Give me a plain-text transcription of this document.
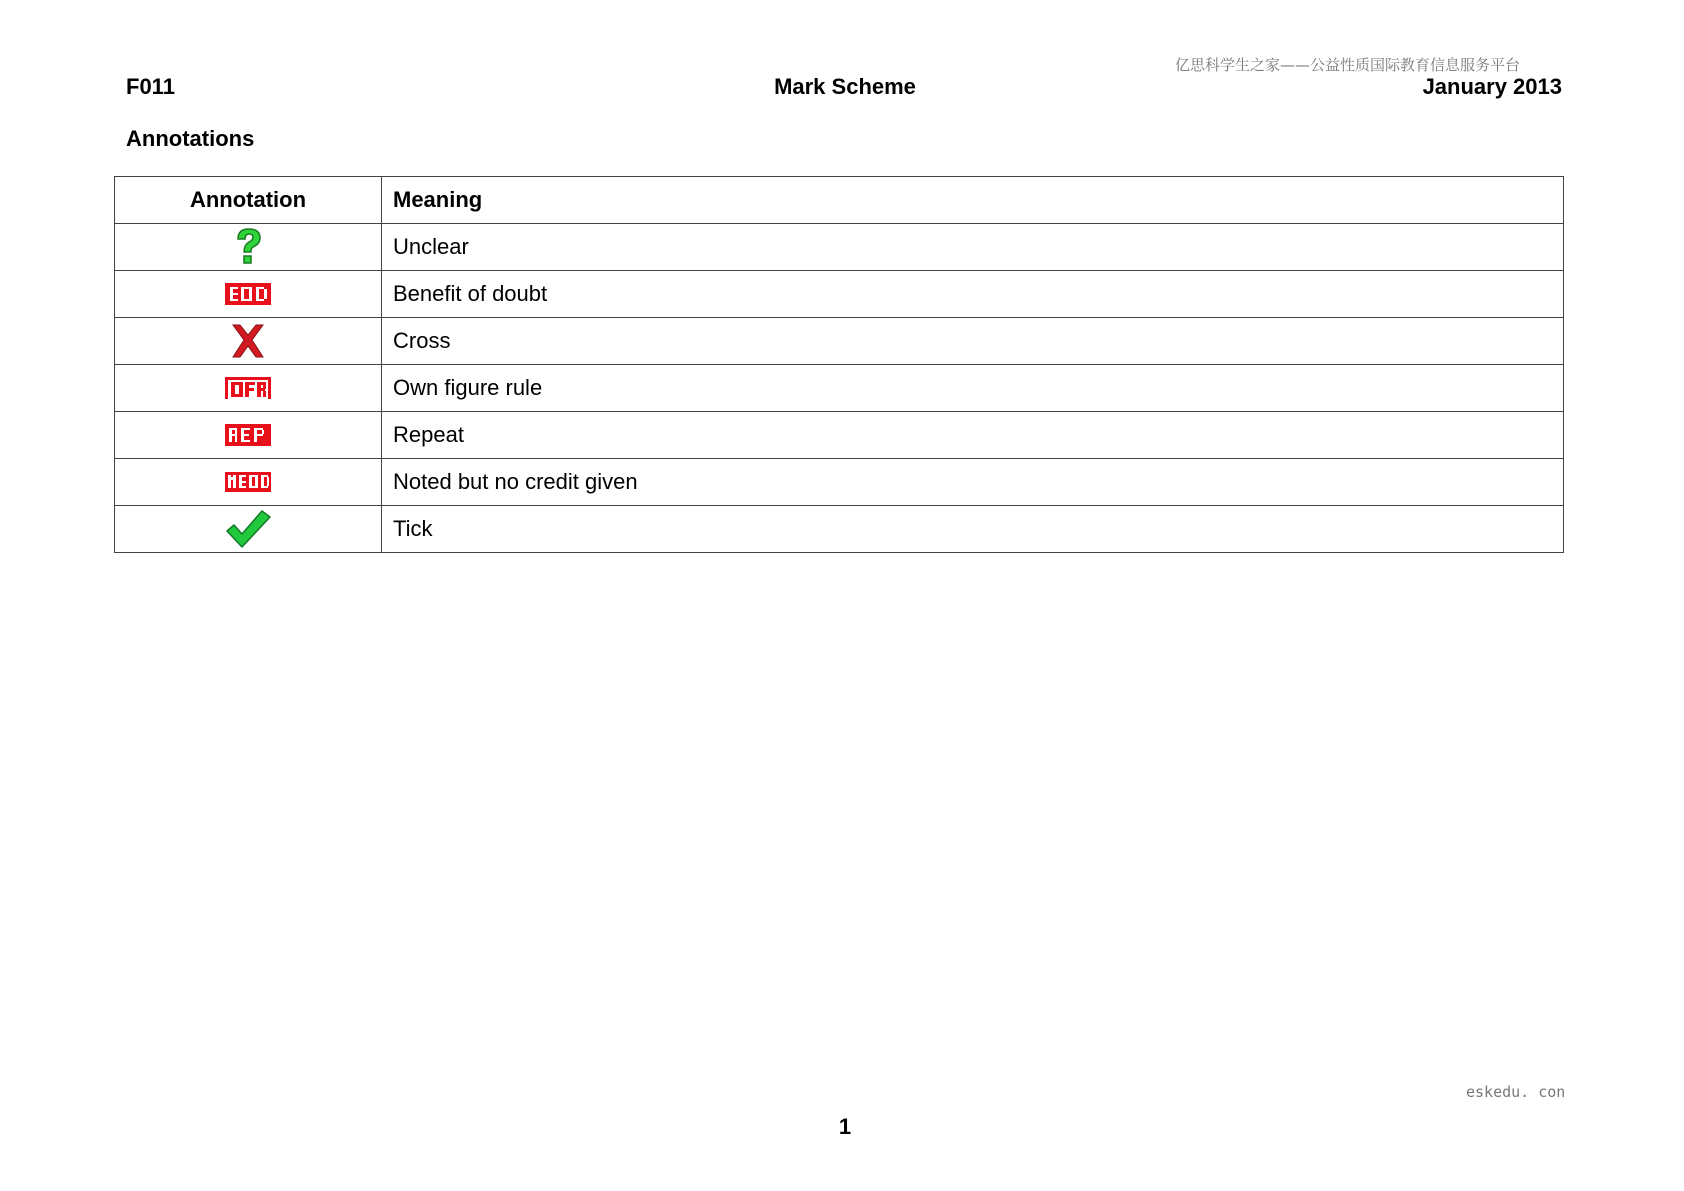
亿思科学生之家——公益性质国际教育信息服务平台
F011	Mark Scheme	January 2013
Annotations
Annotation	Meaning

	Unclear

	Benefit of doubt

	Cross

	Own figure rule

	Repeat

	Noted but no credit given

	Tick
eskedu. con
1
